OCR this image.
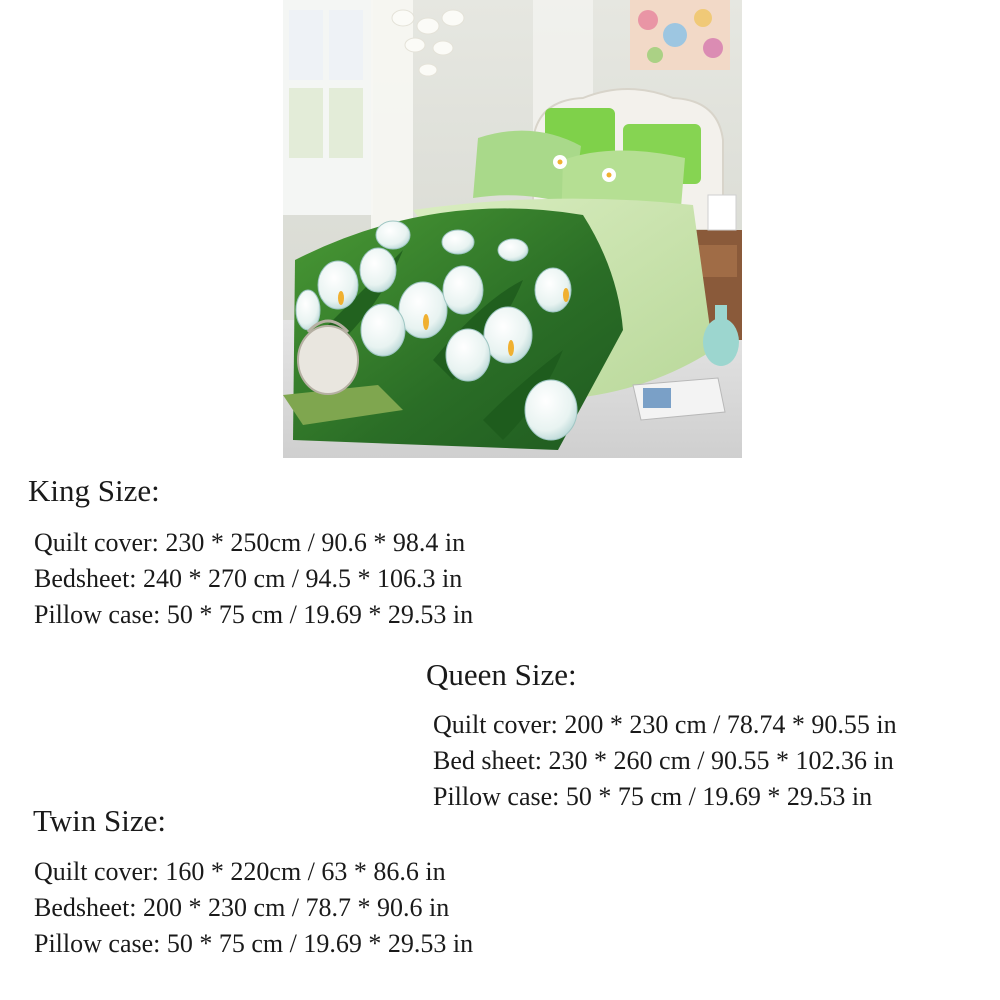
King Size:
Quilt cover: 230 * 250cm / 90.6 * 98.4 in
Bedsheet: 240 * 270 cm / 94.5 * 106.3 in
Pillow case: 50 * 75 cm / 19.69 * 29.53 in
Queen Size:
Quilt cover: 200 * 230 cm / 78.74 * 90.55 in
Bed sheet: 230 * 260 cm / 90.55 * 102.36 in
Pillow case: 50 * 75 cm / 19.69 * 29.53 in
Twin Size:
Quilt cover: 160 * 220cm / 63 * 86.6 in
Bedsheet: 200 * 230 cm / 78.7 * 90.6 in
Pillow case: 50 * 75 cm / 19.69 * 29.53 in
